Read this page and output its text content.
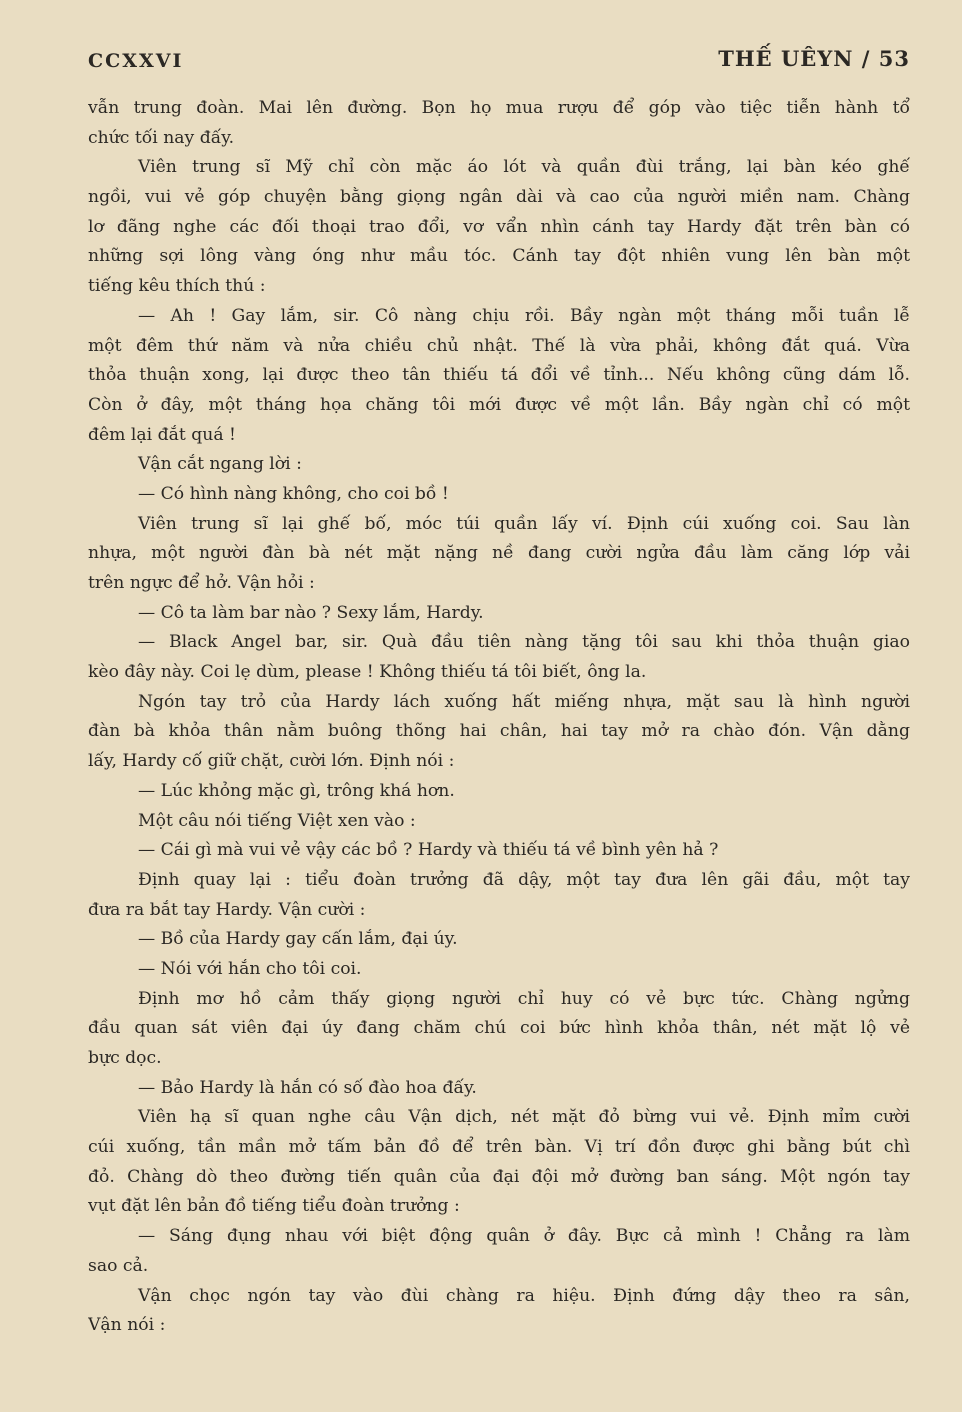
CCXXVI	THẾ UÊYN / 53
vẫn trung đoàn. Mai lên đường. Bọn họ mua rượu để góp vào tiệc tiễn hành tổ
chức tối nay đấy.
Viên trung sĩ Mỹ chỉ còn mặc áo lót và quần đùi trắng, lại bàn kéo ghế
ngồi, vui vẻ góp chuyện bằng giọng ngân dài và cao của người miền nam. Chàng
lơ đãng nghe các đối thoại trao đổi, vơ vẩn nhìn cánh tay Hardy đặt trên bàn có
những sợi lông vàng óng như mầu tóc. Cánh tay đột nhiên vung lên bàn một
tiếng kêu thích thú :
— Ah ! Gay lắm, sir. Cô nàng chịu rồi. Bầy ngàn một tháng mỗi tuần lễ
một đêm thứ năm và nửa chiều chủ nhật. Thế là vừa phải, không đắt quá. Vừa
thỏa thuận xong, lại được theo tân thiếu tá đổi về tỉnh... Nếu không cũng dám lỗ.
Còn ở đây, một tháng họa chăng tôi mới được về một lần. Bầy ngàn chỉ có một
đêm lại đắt quá !
Vận cắt ngang lời :
— Có hình nàng không, cho coi bồ !
Viên trung sĩ lại ghế bố, móc túi quần lấy ví. Định cúi xuống coi. Sau làn
nhựa, một người đàn bà nét mặt nặng nề đang cười ngửa đầu làm căng lớp vải
trên ngực để hở. Vận hỏi :
— Cô ta làm bar nào ? Sexy lắm, Hardy.
— Black Angel bar, sir. Quà đầu tiên nàng tặng tôi sau khi thỏa thuận giao
kèo đây này. Coi lẹ dùm, please ! Không thiếu tá tôi biết, ông la.
Ngón tay trỏ của Hardy lách xuống hất miếng nhựa, mặt sau là hình người
đàn bà khỏa thân nằm buông thõng hai chân, hai tay mở ra chào đón. Vận dằng
lấy, Hardy cố giữ chặt, cười lớn. Định nói :
— Lúc khỏng mặc gì, trông khá hơn.
Một câu nói tiếng Việt xen vào :
— Cái gì mà vui vẻ vậy các bồ ? Hardy và thiếu tá về bình yên hả ?
Định quay lại : tiểu đoàn trưởng đã dậy, một tay đưa lên gãi đầu, một tay
đưa ra bắt tay Hardy. Vận cười :
— Bồ của Hardy gay cấn lắm, đại úy.
— Nói với hắn cho tôi coi.
Định mơ hồ cảm thấy giọng người chỉ huy có vẻ bực tức. Chàng ngửng
đầu quan sát viên đại úy đang chăm chú coi bức hình khỏa thân, nét mặt lộ vẻ
bực dọc.
— Bảo Hardy là hắn có số đào hoa đấy.
Viên hạ sĩ quan nghe câu Vận dịch, nét mặt đỏ bừng vui vẻ. Định mỉm cười
cúi xuống, tần mần mở tấm bản đồ để trên bàn. Vị trí đồn được ghi bằng bút chì
đỏ. Chàng dò theo đường tiến quân của đại đội mở đường ban sáng. Một ngón tay
vụt đặt lên bản đồ tiếng tiểu đoàn trưởng :
— Sáng đụng nhau với biệt động quân ở đây. Bực cả mình ! Chẳng ra làm
sao cả.
Vận chọc ngón tay vào đùi chàng ra hiệu. Định đứng dậy theo ra sân,
Vận nói :
